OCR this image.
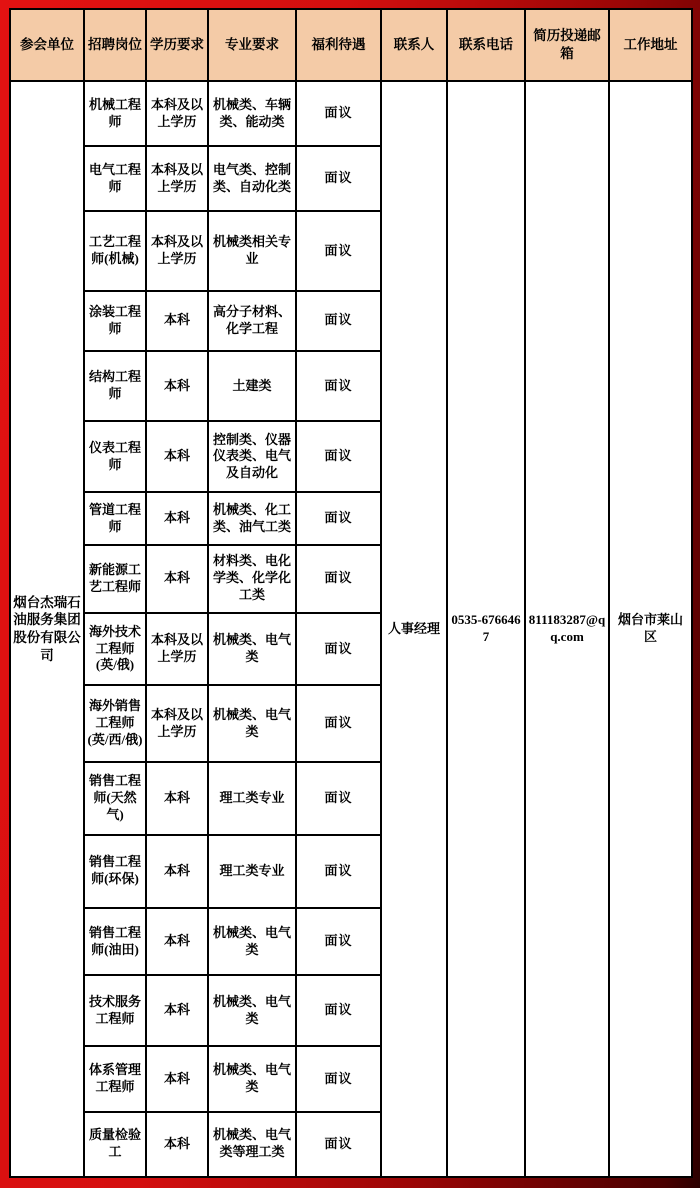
参会单位	招聘岗位	学历要求	专业要求	福利待遇	联系人	联系电话	简历投递邮箱	工作地址
烟台杰瑞石油服务集团股份有限公司	机械工程师	本科及以上学历	机械类、车辆类、能动类	面议	人事经理	0535-6766467	811183287@qq.com	烟台市莱山区
	电气工程师	本科及以上学历	电气类、控制类、自动化类	面议				
	工艺工程师(机械)	本科及以上学历	机械类相关专业	面议				
	涂装工程师	本科	高分子材料、化学工程	面议				
	结构工程师	本科	土建类	面议				
	仪表工程师	本科	控制类、仪器仪表类、电气及自动化	面议				
	管道工程师	本科	机械类、化工类、油气工类	面议				
	新能源工艺工程师	本科	材料类、电化学类、化学化工类	面议				
	海外技术工程师(英/俄)	本科及以上学历	机械类、电气类	面议				
	海外销售工程师(英/西/俄)	本科及以上学历	机械类、电气类	面议				
	销售工程师(天然气)	本科	理工类专业	面议				
	销售工程师(环保)	本科	理工类专业	面议				
	销售工程师(油田)	本科	机械类、电气类	面议				
	技术服务工程师	本科	机械类、电气类	面议				
	体系管理工程师	本科	机械类、电气类	面议				
	质量检验工	本科	机械类、电气类等理工类	面议				
